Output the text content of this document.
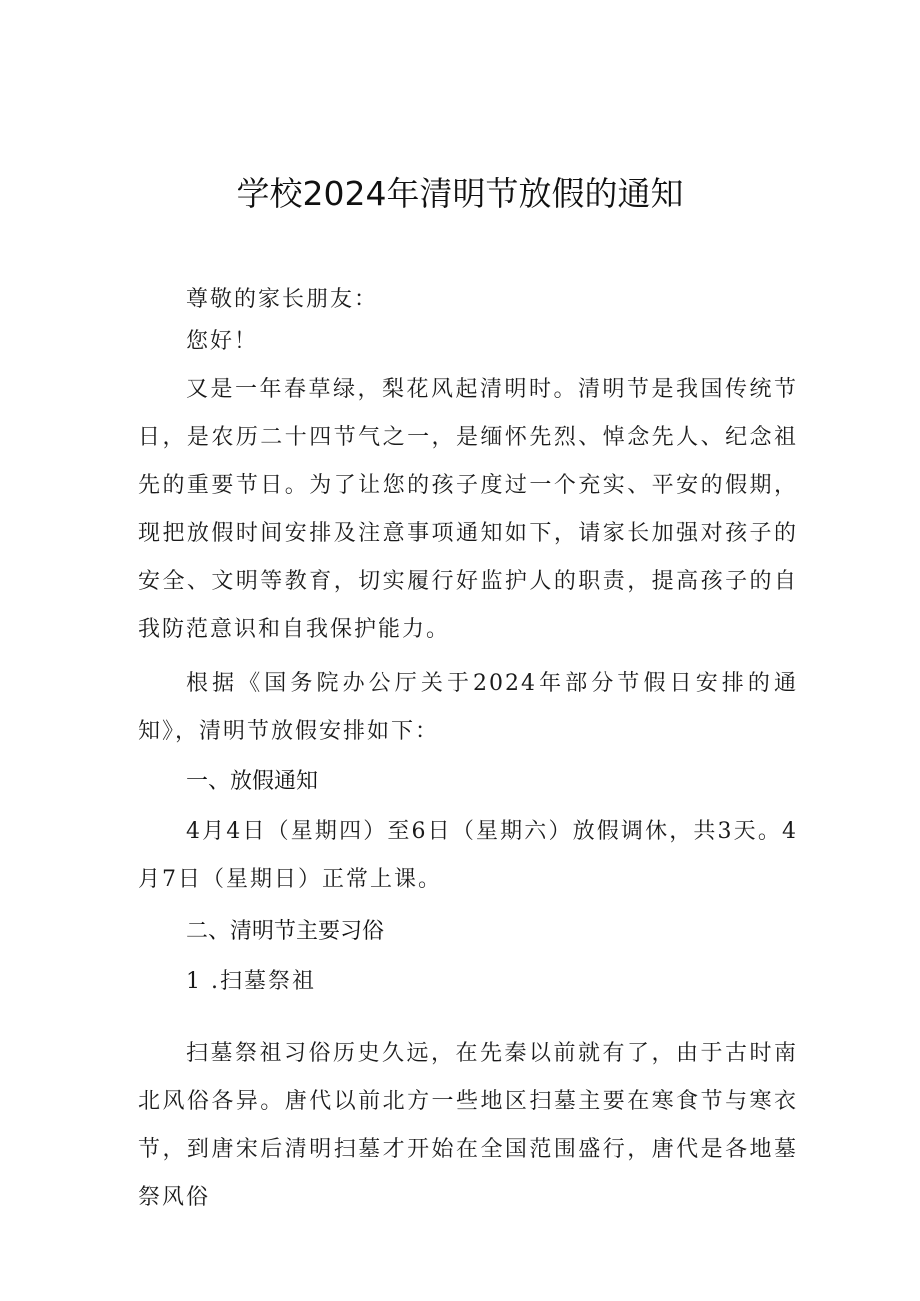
学校2024年清明节放假的通知

尊敬的家长朋友：

您好！

又是一年春草绿，梨花风起清明时。清明节是我国传统节日，是农历二十四节气之一，是缅怀先烈、悼念先人、纪念祖先的重要节日。为了让您的孩子度过一个充实、平安的假期，现把放假时间安排及注意事项通知如下，请家长加强对孩子的安全、文明等教育，切实履行好监护人的职责，提高孩子的自我防范意识和自我保护能力。

根据《国务院办公厅关于2024年部分节假日安排的通知》，清明节放假安排如下：

一、放假通知

4月4日（星期四）至6日（星期六）放假调休，共3天。4月7日（星期日）正常上课。

二、清明节主要习俗

1 .扫墓祭祖

扫墓祭祖习俗历史久远，在先秦以前就有了，由于古时南北风俗各异。唐代以前北方一些地区扫墓主要在寒食节与寒衣节，到唐宋后清明扫墓才开始在全国范围盛行，唐代是各地墓祭风俗
